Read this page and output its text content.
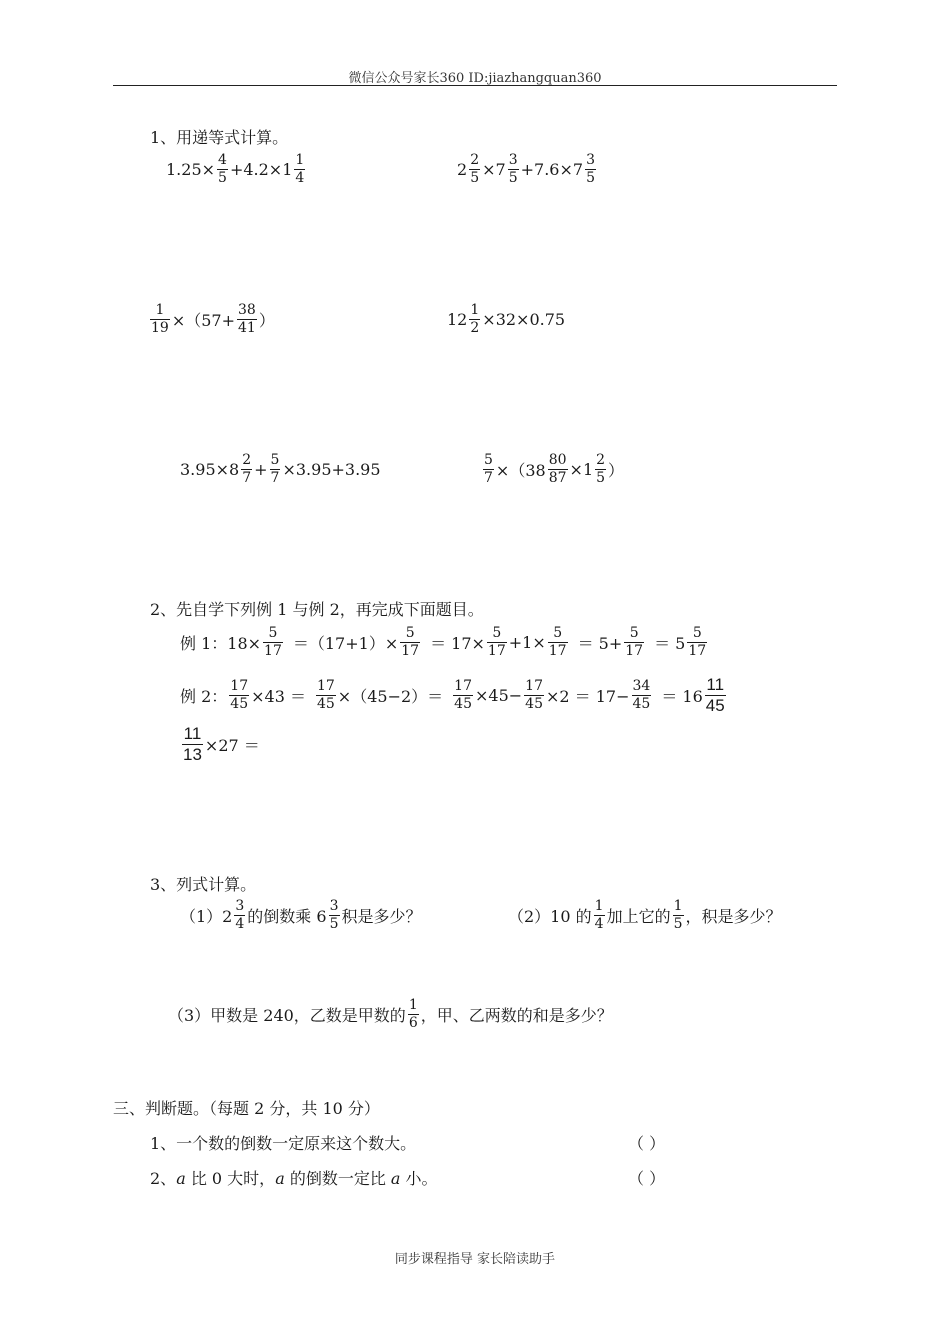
微信公众号家长360 ID:jiazhangquan360
1、用递等式计算。
1.25× 4
5 +4.2×1 1
4	2 2
5 ×7 3
5 +7.6×7 3
5
1
19 ×（57+
38
41 ）	12 1
2 ×32×0.75
3.95×8 2
7 + 5
7 ×3.95+3.95	5
7 ×（38
80
87 ×1 2
5 ）
2、先自学下列例 1 与例 2，再完成下面题目。
例 1：18×
5
17 ＝（17+1）×
5
17 ＝ 17×
5
17 +1× 5
17 ＝ 5+
5
17 ＝ 5
5
17
例 2：
17
45 ×43 ＝
17
45 ×（45−2）＝
17
45 ×45− 17
45 ×2 ＝ 17−
34
45 ＝ 16
11
45
11
13 ×27 ＝
3、列式计算。
（1）2
3
4 的倒数乘 6
3
5 积是多少？	（2）10 的
1
4 加上它的
1
5 ，积是多少？
（3）甲数是 240，乙数是甲数的
1
6 ，甲、乙两数的和是多少？
三、判断题。（每题 2 分，共 10 分）
1、一个数的倒数一定原来这个数大。	（ ）
2、a 比 0 大时，a 的倒数一定比 a 小。	（ ）
同步课程指导 家长陪读助手
